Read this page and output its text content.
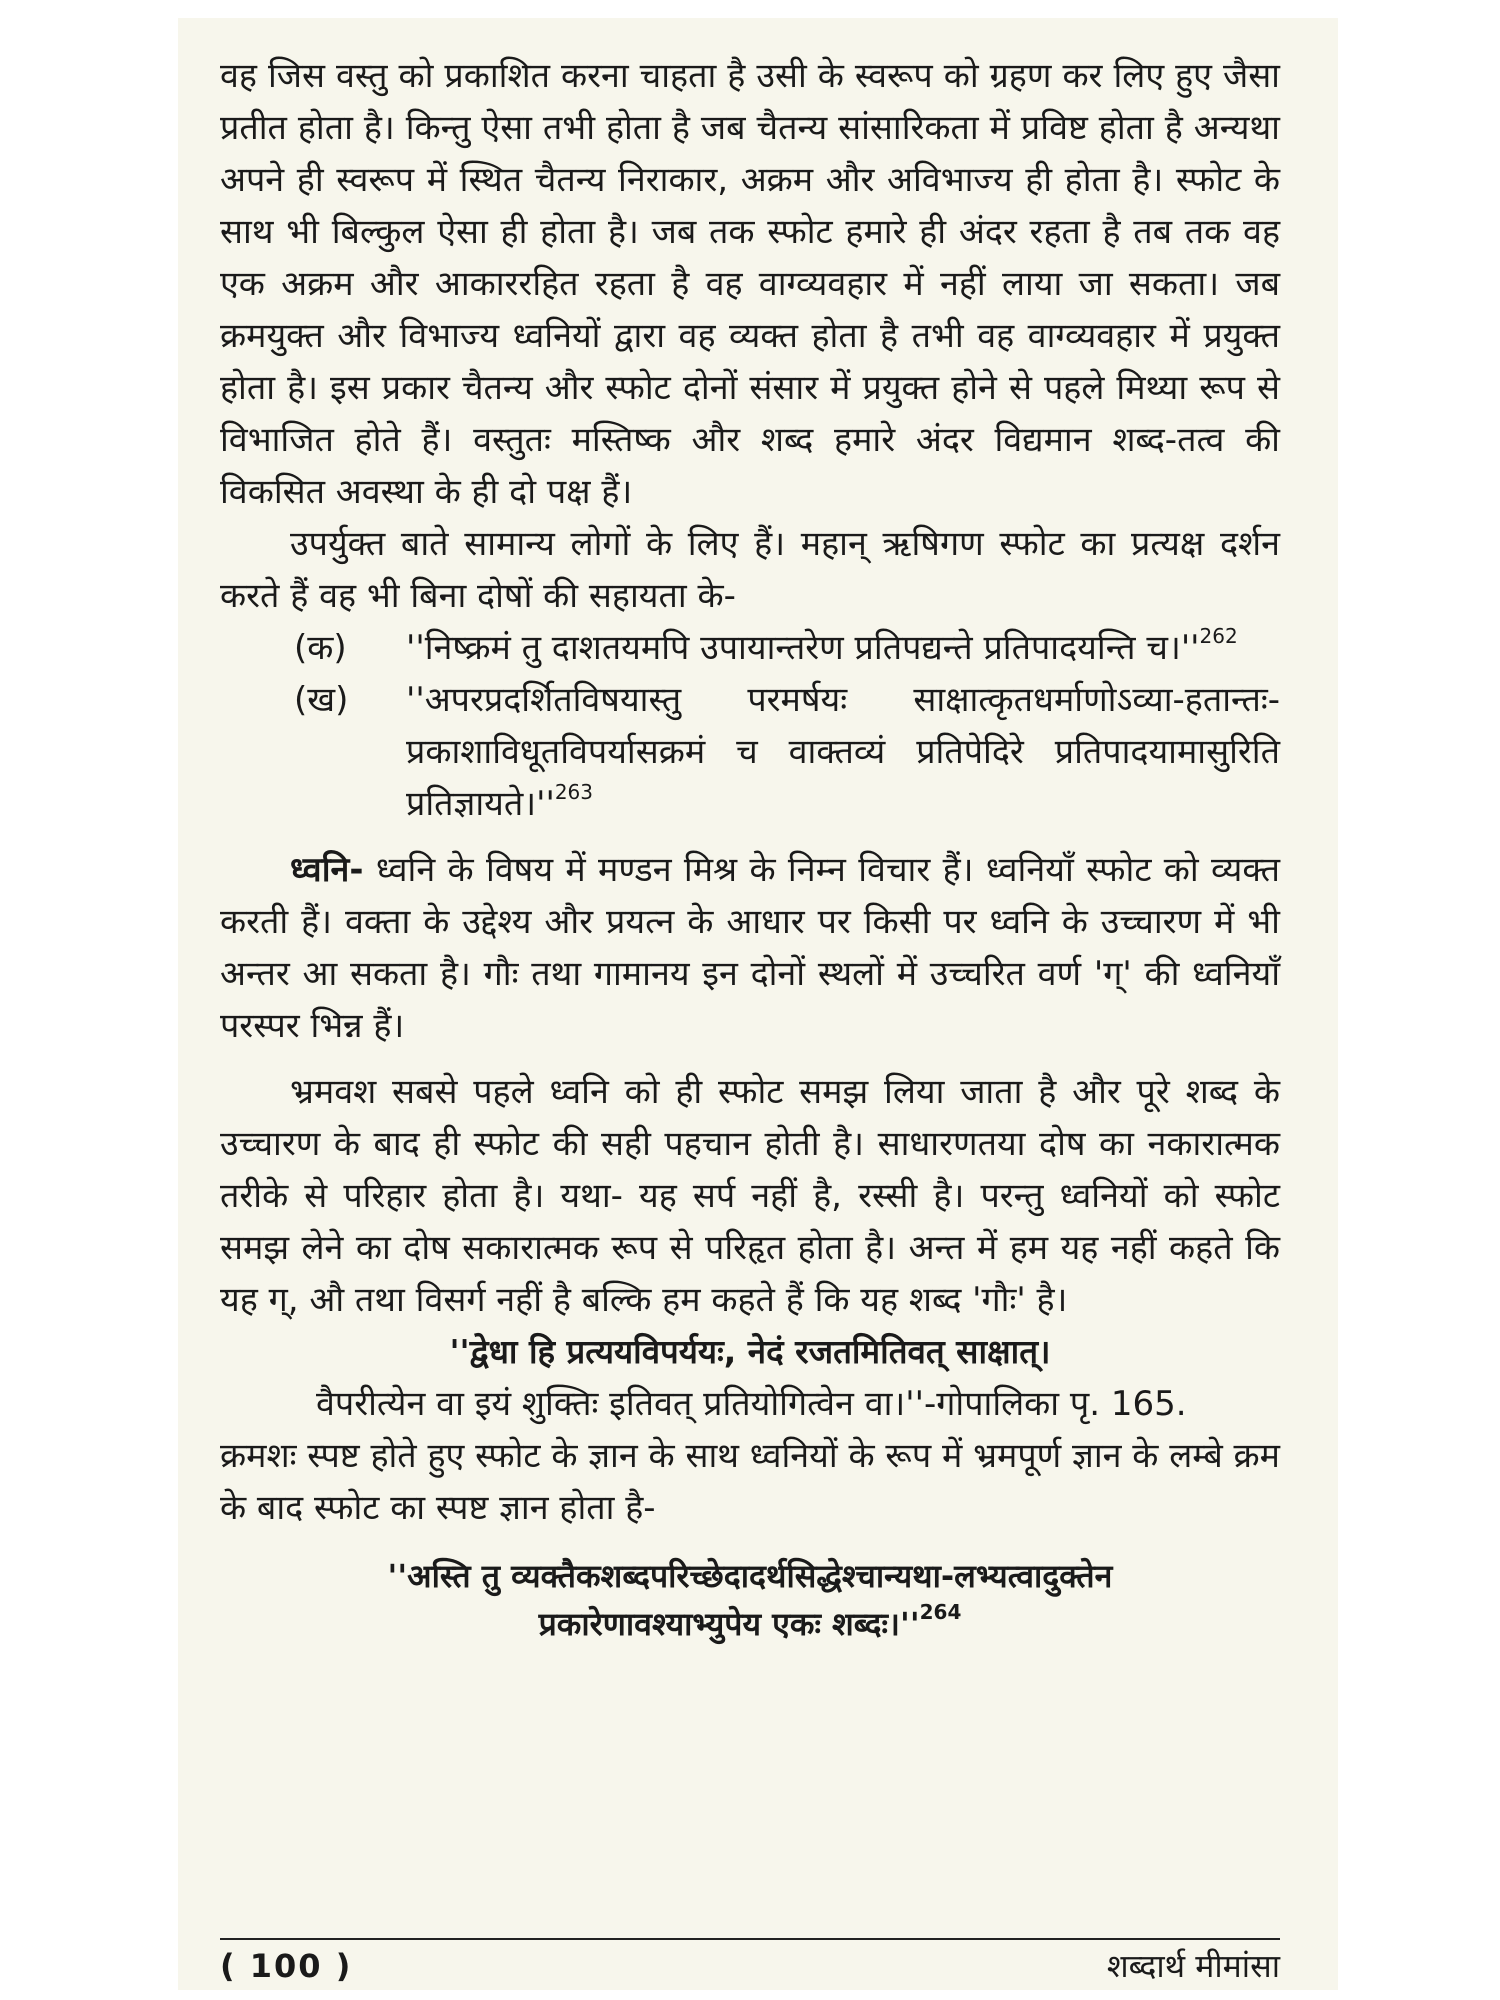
वह जिस वस्तु को प्रकाशित करना चाहता है उसी के स्वरूप को ग्रहण कर लिए हुए जैसा प्रतीत होता है। किन्तु ऐसा तभी होता है जब चैतन्य सांसारिकता में प्रविष्ट होता है अन्यथा अपने ही स्वरूप में स्थित चैतन्य निराकार, अक्रम और अविभाज्य ही होता है। स्फोट के साथ भी बिल्कुल ऐसा ही होता है। जब तक स्फोट हमारे ही अंदर रहता है तब तक वह एक अक्रम और आकाररहित रहता है वह वाग्व्यवहार में नहीं लाया जा सकता। जब क्रमयुक्त और विभाज्य ध्वनियों द्वारा वह व्यक्त होता है तभी वह वाग्व्यवहार में प्रयुक्त होता है। इस प्रकार चैतन्य और स्फोट दोनों संसार में प्रयुक्त होने से पहले मिथ्या रूप से विभाजित होते हैं। वस्तुतः मस्तिष्क और शब्द हमारे अंदर विद्यमान शब्द-तत्व की विकसित अवस्था के ही दो पक्ष हैं।

उपर्युक्त बाते सामान्य लोगों के लिए हैं। महान् ऋषिगण स्फोट का प्रत्यक्ष दर्शन करते हैं वह भी बिना दोषों की सहायता के-

(क)	''निष्क्रमं तु दाशतयमपि उपायान्तरेण प्रतिपद्यन्ते प्रतिपादयन्ति $च।''^{262}$
(ख)	''अपरप्रदर्शितविषयास्तु परमर्षयः साक्षात्कृतधर्माणोऽव्या-हतान्तः-प्रकाशाविधूतविपर्यासक्रमं च वाक्तव्यं प्रतिपेदिरे प्रतिपादयामासुरिति $प्रतिज्ञायते।''^{263}$

ध्वनि- ध्वनि के विषय में मण्डन मिश्र के निम्न विचार हैं। ध्वनियाँ स्फोट को व्यक्त करती हैं। वक्ता के उद्देश्य और प्रयत्न के आधार पर किसी पर ध्वनि के उच्चारण में भी अन्तर आ सकता है। गौः तथा गामानय इन दोनों स्थलों में उच्चरित वर्ण 'ग्' की ध्वनियाँ परस्पर भिन्न हैं।

भ्रमवश सबसे पहले ध्वनि को ही स्फोट समझ लिया जाता है और पूरे शब्द के उच्चारण के बाद ही स्फोट की सही पहचान होती है। साधारणतया दोष का नकारात्मक तरीके से परिहार होता है। यथा- यह सर्प नहीं है, रस्सी है। परन्तु ध्वनियों को स्फोट समझ लेने का दोष सकारात्मक रूप से परिहृत होता है। अन्त में हम यह नहीं कहते कि यह ग्, औ तथा विसर्ग नहीं है बल्कि हम कहते हैं कि यह शब्द 'गौः' है।

''द्वेधा हि प्रत्ययविपर्ययः, नेदं रजतमितिवत् साक्षात्।

वैपरीत्येन वा इयं शुक्तिः इतिवत् प्रतियोगित्वेन वा।''-गोपालिका पृ. 165.

क्रमशः स्पष्ट होते हुए स्फोट के ज्ञान के साथ ध्वनियों के रूप में भ्रमपूर्ण ज्ञान के लम्बे क्रम के बाद स्फोट का स्पष्ट ज्ञान होता है-

''अस्ति तु व्यक्तैकशब्दपरिच्छेदादर्थसिद्धेश्चान्यथा-लभ्यत्वादुक्तेन
प्रकारेणावश्याभ्युपेय एकः $शब्दः।''^{264}$
( 100 )	शब्दार्थ मीमांसा
